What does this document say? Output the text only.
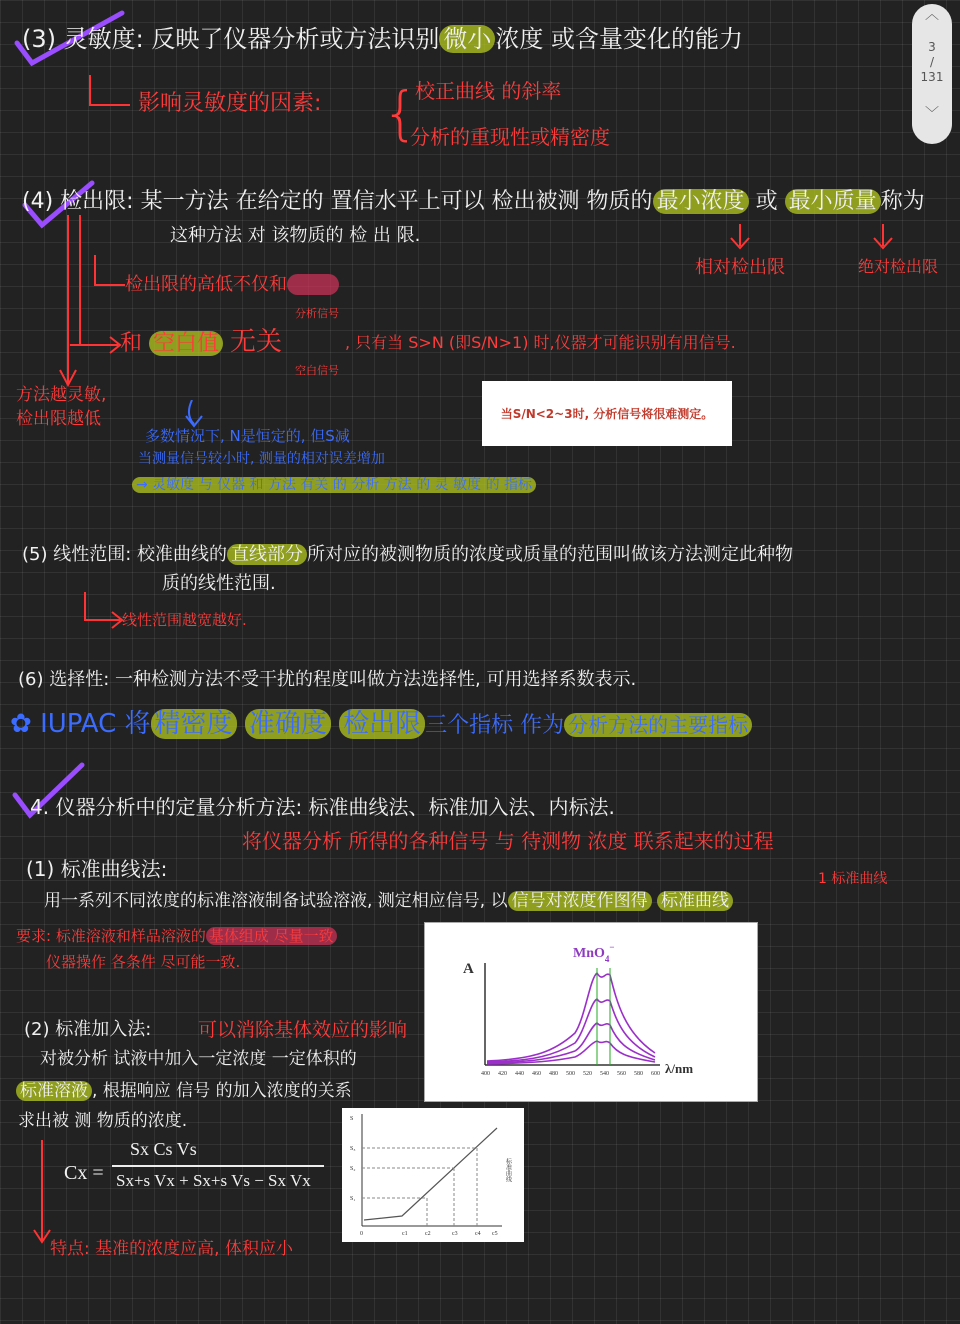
︿
3
/
131
﹀
(3) 灵敏度: 反映了仪器分析或方法识别 微小 浓度 或含量变化的能力
影响灵敏度的因素: {
校正曲线 的斜率
分析的重现性或精密度
(4) 检出限: 某一方法 在给定的 置信水平上可以 检出被测 物质的 最小浓度 或 最小质量 称为
这种方法 对 该物质的 检 出 限.
相对检出限	绝对检出限
检出限的高低不仅和
和 空白值 无关
分析信号
空白信号
, 只有当 S>N (即S/N>1) 时,仪器才可能识别有用信号.
方法越灵敏, 检出限越低	当S/N<2~3时, 分析信号将很难测定。
多数情况下, N是恒定的, 但S减
当测量信号较小时, 测量的相对误差增加
→ 灵敏度 与 仪器 和 方法 有关 的 分析 方法 的 灵 敏度 的 指标
(5) 线性范围: 校准曲线的 直线部分 所对应的被测物质的浓度或质量的范围叫做该方法测定此种物
质的线性范围.
线性范围越宽越好.
(6) 选择性: 一种检测方法不受干扰的程度叫做方法选择性, 可用选择系数表示.
✿ IUPAC 将 精密度 准确度 检出限 三个指标 作为 分析方法的主要指标
4. 仪器分析中的定量分析方法: 标准曲线法、标准加入法、内标法.
将仪器分析 所得的各种信号 与 待测物 浓度 联系起来的过程
(1) 标准曲线法:	1 标准曲线
用一系列不同浓度的标准溶液制备试验溶液, 测定相应信号, 以 信号对浓度作图得 标准曲线
要求: 标准溶液和样品溶液的 基体组成 尽量一致
仪器操作 各条件 尽可能一致.	MnO$_4$−
A
400 420 440 460 480 500 520 540 560 580 600 λ/nm
(2) 标准加入法: 可以消除基体效应的影响
对被分析 试液中加入一定浓度 一定体积的
标准溶液 , 根据响应 信号 的加入浓度的关系
求出被 测 物质的浓度.
Cx =
Sx Cs Vs
Sx+s Vx + Sx+s Vs − Sx Vx
特点: 基准的浓度应高, 体积应小
S
S₃
S₂
S₁
0	c1	c2	c3	c4 c5
标准曲线
